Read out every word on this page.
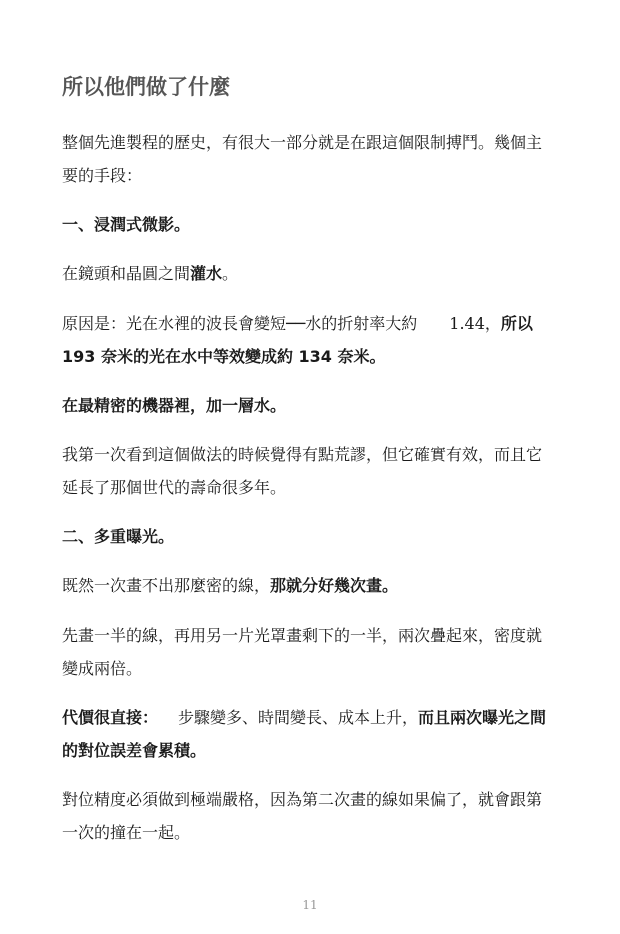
所以他們做了什麼

整個先進製程的歷史，有很大一部分就是在跟這個限制搏鬥。幾個主
要的手段：

一、浸潤式微影。

在鏡頭和晶圓之間灌水。

原因是：光在水裡的波長會變短──水的折射率大約 1.44，所以
193 奈米的光在水中等效變成約 134 奈米。

在最精密的機器裡，加一層水。

我第一次看到這個做法的時候覺得有點荒謬，但它確實有效，而且它
延長了那個世代的壽命很多年。

二、多重曝光。

既然一次畫不出那麼密的線，那就分好幾次畫。

先畫一半的線，再用另一片光罩畫剩下的一半，兩次疊起來，密度就
變成兩倍。

代價很直接： 步驟變多、時間變長、成本上升，而且兩次曝光之間
的對位誤差會累積。

對位精度必須做到極端嚴格，因為第二次畫的線如果偏了，就會跟第
一次的撞在一起。

11
